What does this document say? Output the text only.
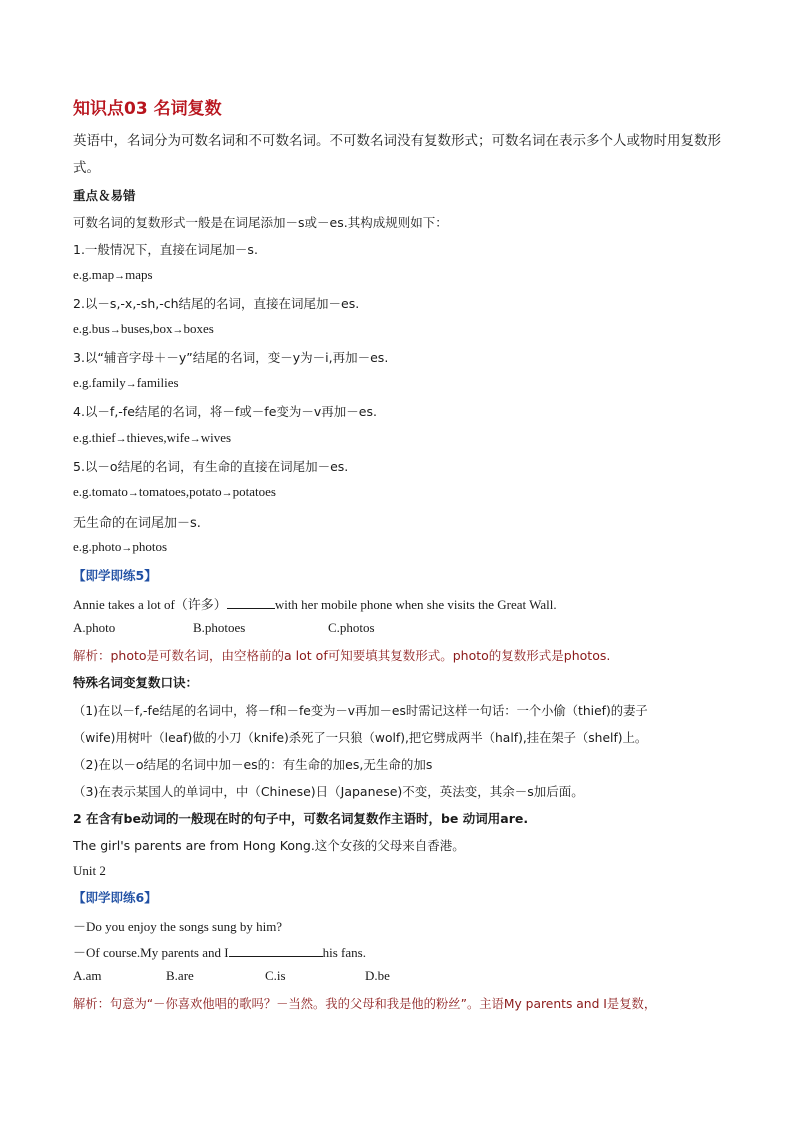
知识点03 名词复数
英语中，名词分为可数名词和不可数名词。不可数名词没有复数形式；可数名词在表示多个人或物时用复数形式。
重点＆易错
可数名词的复数形式一般是在词尾添加－s或－es.其构成规则如下：
1.一般情况下，直接在词尾加－s.
e.g.map→maps
2.以－s,-x,-sh,-ch结尾的名词，直接在词尾加－es.
e.g.bus→buses,box→boxes
3.以“辅音字母＋－y”结尾的名词，变－y为－i,再加－es.
e.g.family→families
4.以－f,-fe结尾的名词，将－f或－fe变为－v再加－es.
e.g.thief→thieves,wife→wives
5.以－o结尾的名词，有生命的直接在词尾加－es.
e.g.tomato→tomatoes,potato→potatoes
无生命的在词尾加－s.
e.g.photo→photos
【即学即练5】
Annie takes a lot of（许多）	with her mobile phone when she visits the Great Wall.
A.photo	B.photoes	C.photos
解析：photo是可数名词，由空格前的a lot of可知要填其复数形式。photo的复数形式是photos.
特殊名词变复数口诀：
（1)在以－f,-fe结尾的名词中，将－f和－fe变为－v再加－es时需记这样一句话：一个小偷（thief)的妻子
（wife)用树叶（leaf)做的小刀（knife)杀死了一只狼（wolf),把它劈成两半（half),挂在架子（shelf)上。
（2)在以－o结尾的名词中加－es的：有生命的加es,无生命的加s
（3)在表示某国人的单词中，中（Chinese)日（Japanese)不变，英法变，其余－s加后面。
2 在含有be动词的一般现在时的句子中，可数名词复数作主语时，be 动词用are.
The girl's parents are from Hong Kong.这个女孩的父母来自香港。
Unit 2
【即学即练6】
－Do you enjoy the songs sung by him?
－Of course.My parents and I	his fans.
A.am	B.are	C.is	D.be
解析：句意为“－你喜欢他唱的歌吗？－当然。我的父母和我是他的粉丝”。主语My parents and I是复数，
